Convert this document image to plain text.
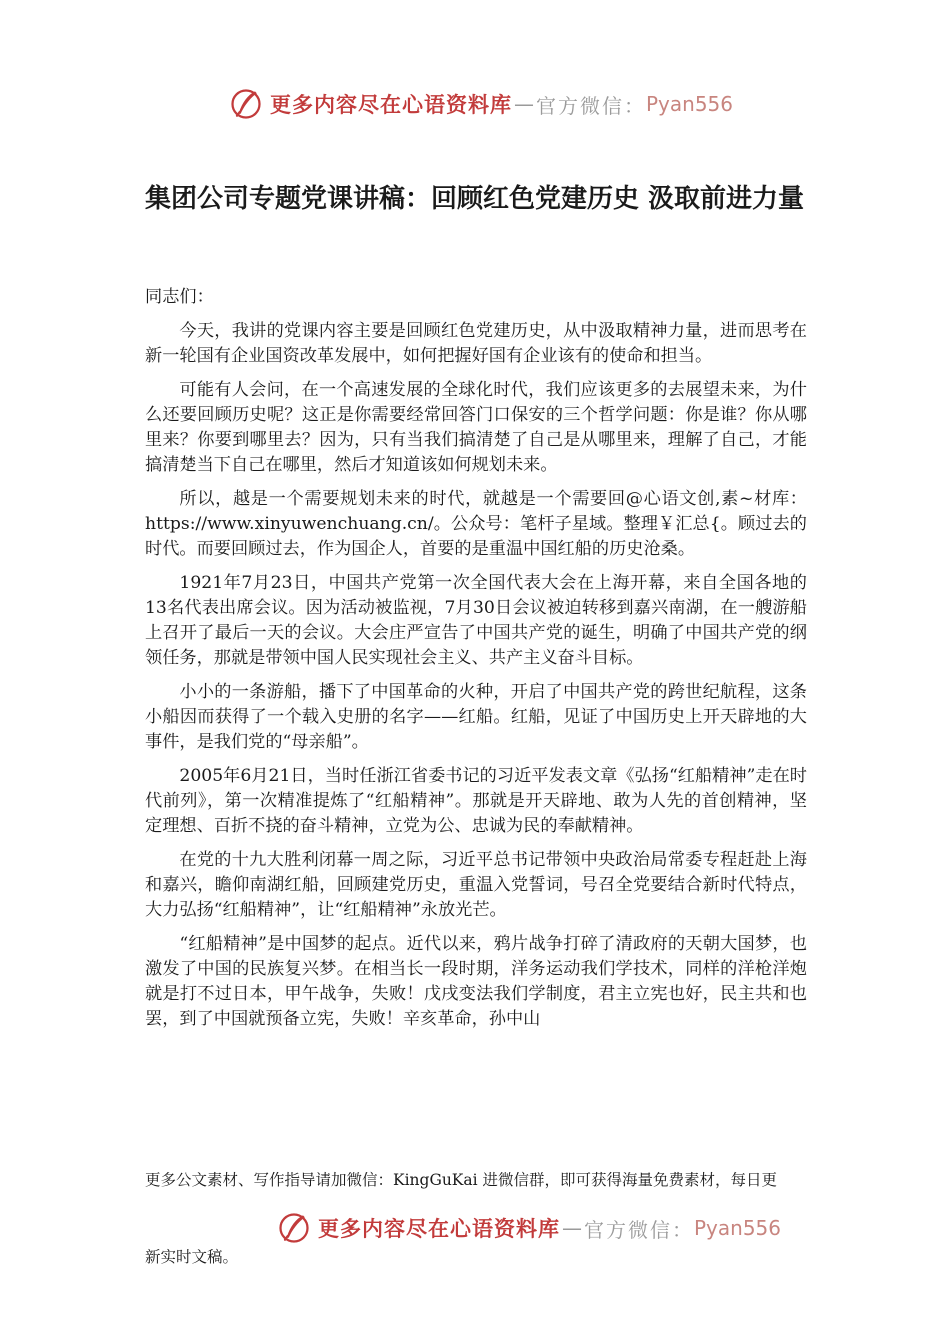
更多内容尽在心语资料库 — 官方微信： Pyan556
集团公司专题党课讲稿：回顾红色党建历史 汲取前进力量

同志们：

今天，我讲的党课内容主要是回顾红色党建历史，从中汲取精神力量，进而思考在新一轮国有企业国资改革发展中，如何把握好国有企业该有的使命和担当。

可能有人会问，在一个高速发展的全球化时代，我们应该更多的去展望未来，为什么还要回顾历史呢？这正是你需要经常回答门口保安的三个哲学问题：你是谁？你从哪里来？你要到哪里去？因为，只有当我们搞清楚了自己是从哪里来，理解了自己，才能搞清楚当下自己在哪里，然后才知道该如何规划未来。

所以，越是一个需要规划未来的时代，就越是一个需要回@心语文创,素~材库：https://www.xinyuwenchuang.cn/。公众号：笔杆子星域。整理￥汇总{。顾过去的时代。而要回顾过去，作为国企人，首要的是重温中国红船的历史沧桑。

1921年7月23日，中国共产党第一次全国代表大会在上海开幕，来自全国各地的13名代表出席会议。因为活动被监视，7月30日会议被迫转移到嘉兴南湖，在一艘游船上召开了最后一天的会议。大会庄严宣告了中国共产党的诞生，明确了中国共产党的纲领任务，那就是带领中国人民实现社会主义、共产主义奋斗目标。

小小的一条游船，播下了中国革命的火种，开启了中国共产党的跨世纪航程，这条小船因而获得了一个载入史册的名字——红船。红船，见证了中国历史上开天辟地的大事件，是我们党的“母亲船”。

2005年6月21日，当时任浙江省委书记的习近平发表文章《弘扬“红船精神”走在时代前列》，第一次精准提炼了“红船精神”。那就是开天辟地、敢为人先的首创精神，坚定理想、百折不挠的奋斗精神，立党为公、忠诚为民的奉献精神。

在党的十九大胜利闭幕一周之际，习近平总书记带领中央政治局常委专程赶赴上海和嘉兴，瞻仰南湖红船，回顾建党历史，重温入党誓词，号召全党要结合新时代特点，大力弘扬“红船精神”，让“红船精神”永放光芒。

“红船精神”是中国梦的起点。近代以来，鸦片战争打碎了清政府的天朝大国梦，也激发了中国的民族复兴梦。在相当长一段时期，洋务运动我们学技术，同样的洋枪洋炮就是打不过日本，甲午战争，失败！戊戌变法我们学制度，君主立宪也好，民主共和也罢，到了中国就预备立宪，失败！辛亥革命，孙中山

更多公文素材、写作指导请加微信：KingGuKai 进微信群，即可获得海量免费素材，每日更

更多内容尽在心语资料库 — 官方微信： Pyan556

新实时文稿。
